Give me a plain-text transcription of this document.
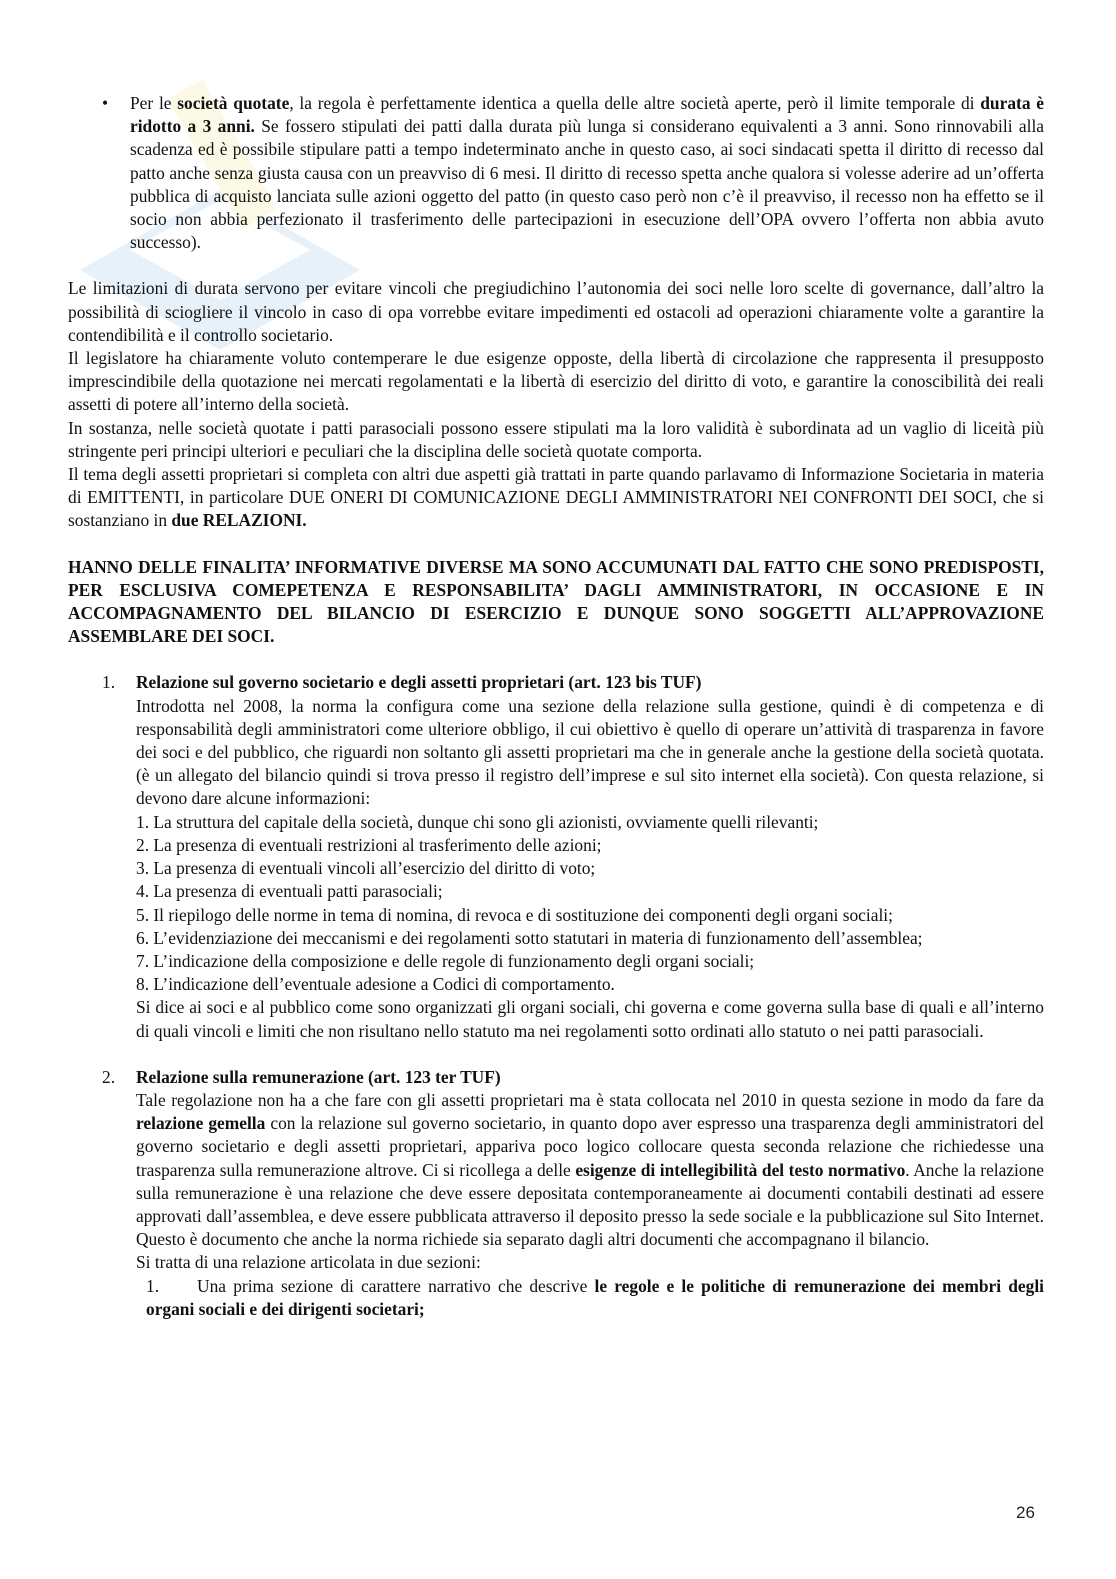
• Per le società quotate, la regola è perfettamente identica a quella delle altre società aperte, però il limite temporale di durata è ridotto a 3 anni. Se fossero stipulati dei patti dalla durata più lunga si considerano equivalenti a 3 anni. Sono rinnovabili alla scadenza ed è possibile stipulare patti a tempo indeterminato anche in questo caso, ai soci sindacati spetta il diritto di recesso dal patto anche senza giusta causa con un preavviso di 6 mesi. Il diritto di recesso spetta anche qualora si volesse aderire ad un’offerta pubblica di acquisto lanciata sulle azioni oggetto del patto (in questo caso però non c’è il preavviso, il recesso non ha effetto se il socio non abbia perfezionato il trasferimento delle partecipazioni in esecuzione dell’OPA ovvero l’offerta non abbia avuto successo).

Le limitazioni di durata servono per evitare vincoli che pregiudichino l’autonomia dei soci nelle loro scelte di governance, dall’altro la possibilità di sciogliere il vincolo in caso di opa vorrebbe evitare impedimenti ed ostacoli ad operazioni chiaramente volte a garantire la contendibilità e il controllo societario.

Il legislatore ha chiaramente voluto contemperare le due esigenze opposte, della libertà di circolazione che rappresenta il presupposto imprescindibile della quotazione nei mercati regolamentati e la libertà di esercizio del diritto di voto, e garantire la conoscibilità dei reali assetti di potere all’interno della società.

In sostanza, nelle società quotate i patti parasociali possono essere stipulati ma la loro validità è subordinata ad un vaglio di liceità più stringente peri principi ulteriori e peculiari che la disciplina delle società quotate comporta.

Il tema degli assetti proprietari si completa con altri due aspetti già trattati in parte quando parlavamo di Informazione Societaria in materia di EMITTENTI, in particolare DUE ONERI DI COMUNICAZIONE DEGLI AMMINISTRATORI NEI CONFRONTI DEI SOCI, che si sostanziano in due RELAZIONI.

HANNO DELLE FINALITA’ INFORMATIVE DIVERSE MA SONO ACCUMUNATI DAL FATTO CHE SONO PREDISPOSTI, PER ESCLUSIVA COMEPETENZA E RESPONSABILITA’ DAGLI AMMINISTRATORI, IN OCCASIONE E IN ACCOMPAGNAMENTO DEL BILANCIO DI ESERCIZIO E DUNQUE SONO SOGGETTI ALL’APPROVAZIONE ASSEMBLARE DEI SOCI.

1. Relazione sul governo societario e degli assetti proprietari (art. 123 bis TUF)

Introdotta nel 2008, la norma la configura come una sezione della relazione sulla gestione, quindi è di competenza e di responsabilità degli amministratori come ulteriore obbligo, il cui obiettivo è quello di operare un’attività di trasparenza in favore dei soci e del pubblico, che riguardi non soltanto gli assetti proprietari ma che in generale anche la gestione della società quotata. (è un allegato del bilancio quindi si trova presso il registro dell’imprese e sul sito internet ella società). Con questa relazione, si devono dare alcune informazioni:

1. La struttura del capitale della società, dunque chi sono gli azionisti, ovviamente quelli rilevanti;

2. La presenza di eventuali restrizioni al trasferimento delle azioni;

3. La presenza di eventuali vincoli all’esercizio del diritto di voto;

4. La presenza di eventuali patti parasociali;

5. Il riepilogo delle norme in tema di nomina, di revoca e di sostituzione dei componenti degli organi sociali;

6. L’evidenziazione dei meccanismi e dei regolamenti sotto statutari in materia di funzionamento dell’assemblea;

7. L’indicazione della composizione e delle regole di funzionamento degli organi sociali;

8. L’indicazione dell’eventuale adesione a Codici di comportamento.

Si dice ai soci e al pubblico come sono organizzati gli organi sociali, chi governa e come governa sulla base di quali e all’interno di quali vincoli e limiti che non risultano nello statuto ma nei regolamenti sotto ordinati allo statuto o nei patti parasociali.

2. Relazione sulla remunerazione (art. 123 ter TUF)

Tale regolazione non ha a che fare con gli assetti proprietari ma è stata collocata nel 2010 in questa sezione in modo da fare da relazione gemella con la relazione sul governo societario, in quanto dopo aver espresso una trasparenza degli amministratori del governo societario e degli assetti proprietari, appariva poco logico collocare questa seconda relazione che richiedesse una trasparenza sulla remunerazione altrove. Ci si ricollega a delle esigenze di intellegibilità del testo normativo. Anche la relazione sulla remunerazione è una relazione che deve essere depositata contemporaneamente ai documenti contabili destinati ad essere approvati dall’assemblea, e deve essere pubblicata attraverso il deposito presso la sede sociale e la pubblicazione sul Sito Internet. Questo è documento che anche la norma richiede sia separato dagli altri documenti che accompagnano il bilancio.

Si tratta di una relazione articolata in due sezioni:

1. Una prima sezione di carattere narrativo che descrive le regole e le politiche di remunerazione dei membri degli organi sociali e dei dirigenti societari;

26
